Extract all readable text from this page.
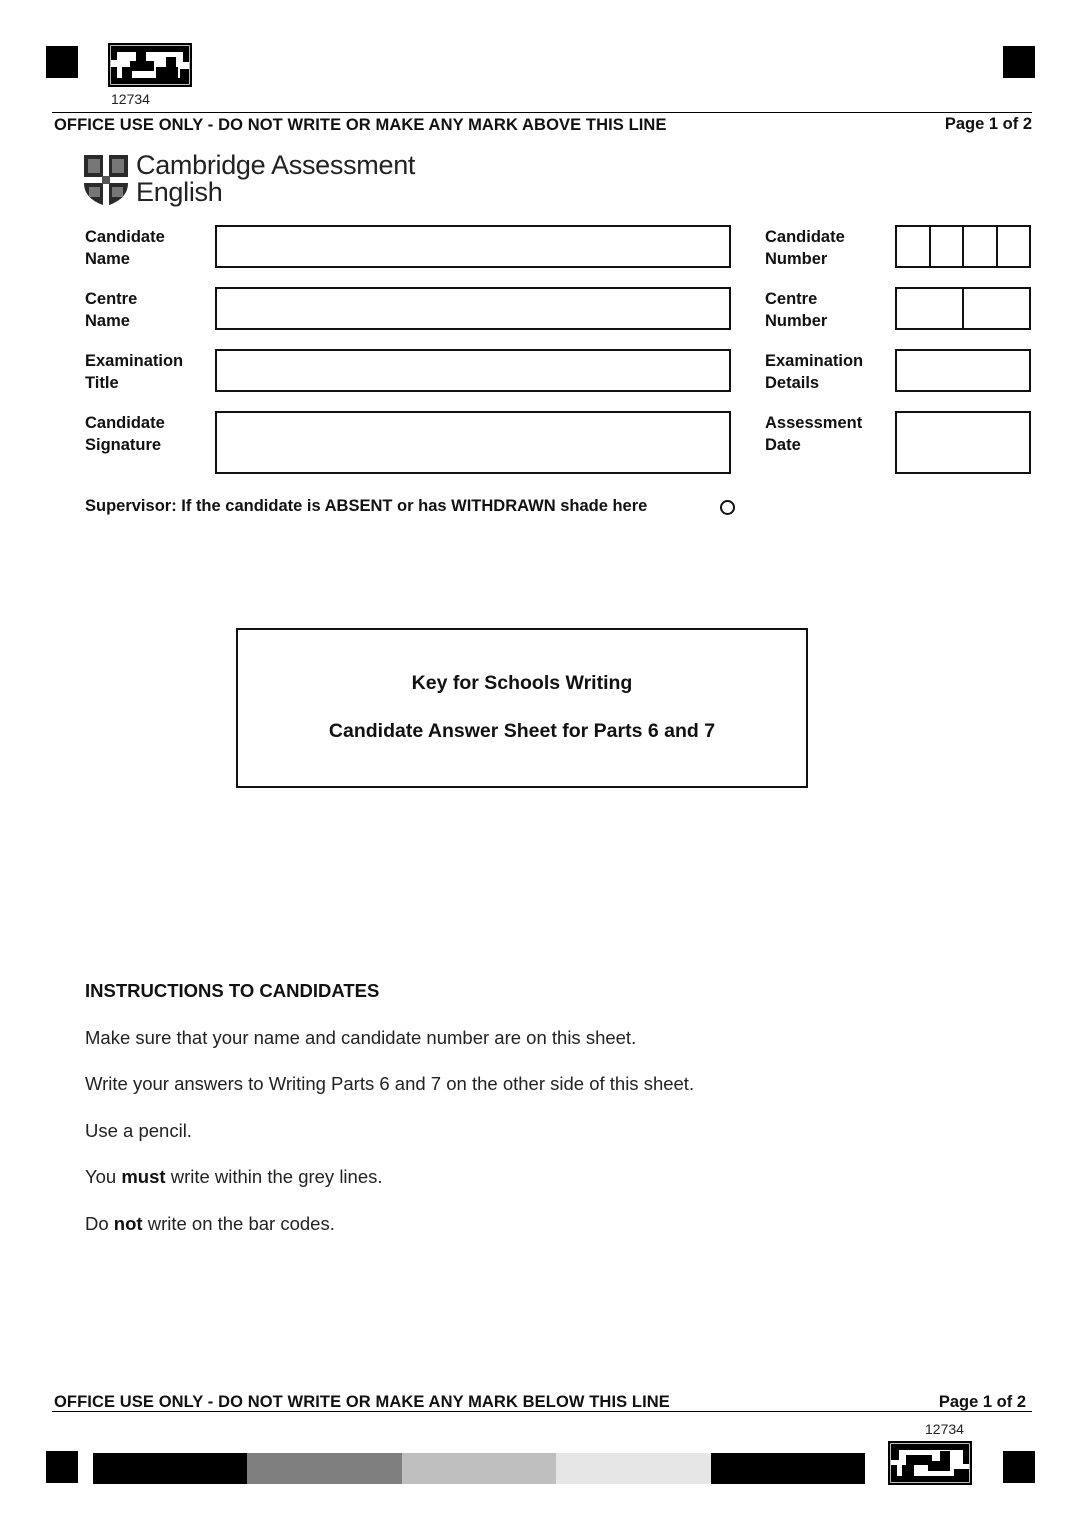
12734
OFFICE USE ONLY - DO NOT WRITE OR MAKE ANY MARK ABOVE THIS LINE	Page 1 of 2
Cambridge Assessment
English
Candidate
Name
Centre
Name
Examination
Title
Candidate
Signature
Candidate
Number
Centre
Number
Examination
Details
Assessment
Date
Supervisor: If the candidate is ABSENT or has WITHDRAWN shade here
Key for Schools Writing
Candidate Answer Sheet for Parts 6 and 7
INSTRUCTIONS TO CANDIDATES
Make sure that your name and candidate number are on this sheet.
Write your answers to Writing Parts 6 and 7 on the other side of this sheet.
Use a pencil.
You must write within the grey lines.
Do not write on the bar codes.
OFFICE USE ONLY - DO NOT WRITE OR MAKE ANY MARK BELOW THIS LINE	Page 1 of 2
12734
